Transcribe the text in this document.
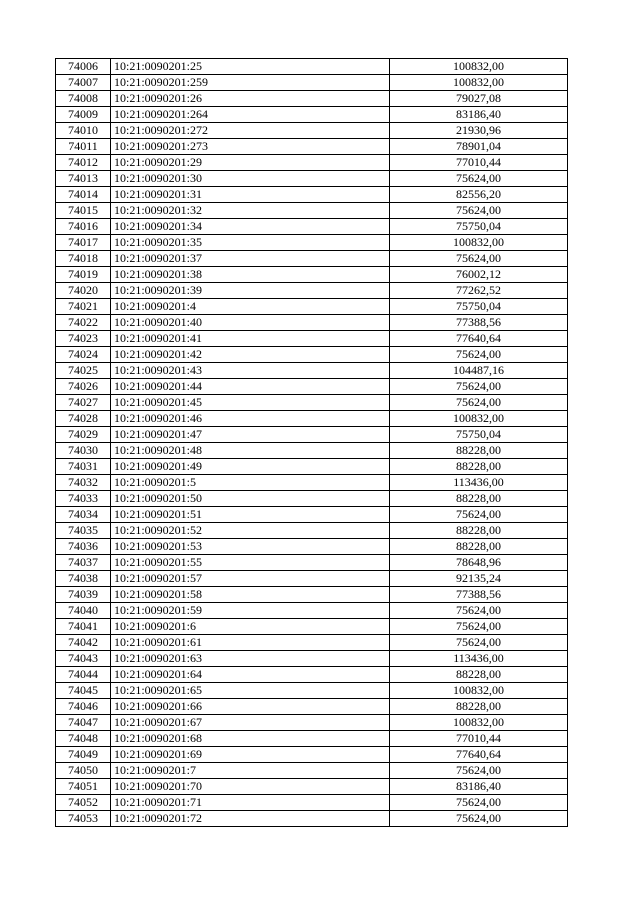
74006	10:21:0090201:25	100832,00
74007	10:21:0090201:259	100832,00
74008	10:21:0090201:26	79027,08
74009	10:21:0090201:264	83186,40
74010	10:21:0090201:272	21930,96
74011	10:21:0090201:273	78901,04
74012	10:21:0090201:29	77010,44
74013	10:21:0090201:30	75624,00
74014	10:21:0090201:31	82556,20
74015	10:21:0090201:32	75624,00
74016	10:21:0090201:34	75750,04
74017	10:21:0090201:35	100832,00
74018	10:21:0090201:37	75624,00
74019	10:21:0090201:38	76002,12
74020	10:21:0090201:39	77262,52
74021	10:21:0090201:4	75750,04
74022	10:21:0090201:40	77388,56
74023	10:21:0090201:41	77640,64
74024	10:21:0090201:42	75624,00
74025	10:21:0090201:43	104487,16
74026	10:21:0090201:44	75624,00
74027	10:21:0090201:45	75624,00
74028	10:21:0090201:46	100832,00
74029	10:21:0090201:47	75750,04
74030	10:21:0090201:48	88228,00
74031	10:21:0090201:49	88228,00
74032	10:21:0090201:5	113436,00
74033	10:21:0090201:50	88228,00
74034	10:21:0090201:51	75624,00
74035	10:21:0090201:52	88228,00
74036	10:21:0090201:53	88228,00
74037	10:21:0090201:55	78648,96
74038	10:21:0090201:57	92135,24
74039	10:21:0090201:58	77388,56
74040	10:21:0090201:59	75624,00
74041	10:21:0090201:6	75624,00
74042	10:21:0090201:61	75624,00
74043	10:21:0090201:63	113436,00
74044	10:21:0090201:64	88228,00
74045	10:21:0090201:65	100832,00
74046	10:21:0090201:66	88228,00
74047	10:21:0090201:67	100832,00
74048	10:21:0090201:68	77010,44
74049	10:21:0090201:69	77640,64
74050	10:21:0090201:7	75624,00
74051	10:21:0090201:70	83186,40
74052	10:21:0090201:71	75624,00
74053	10:21:0090201:72	75624,00
